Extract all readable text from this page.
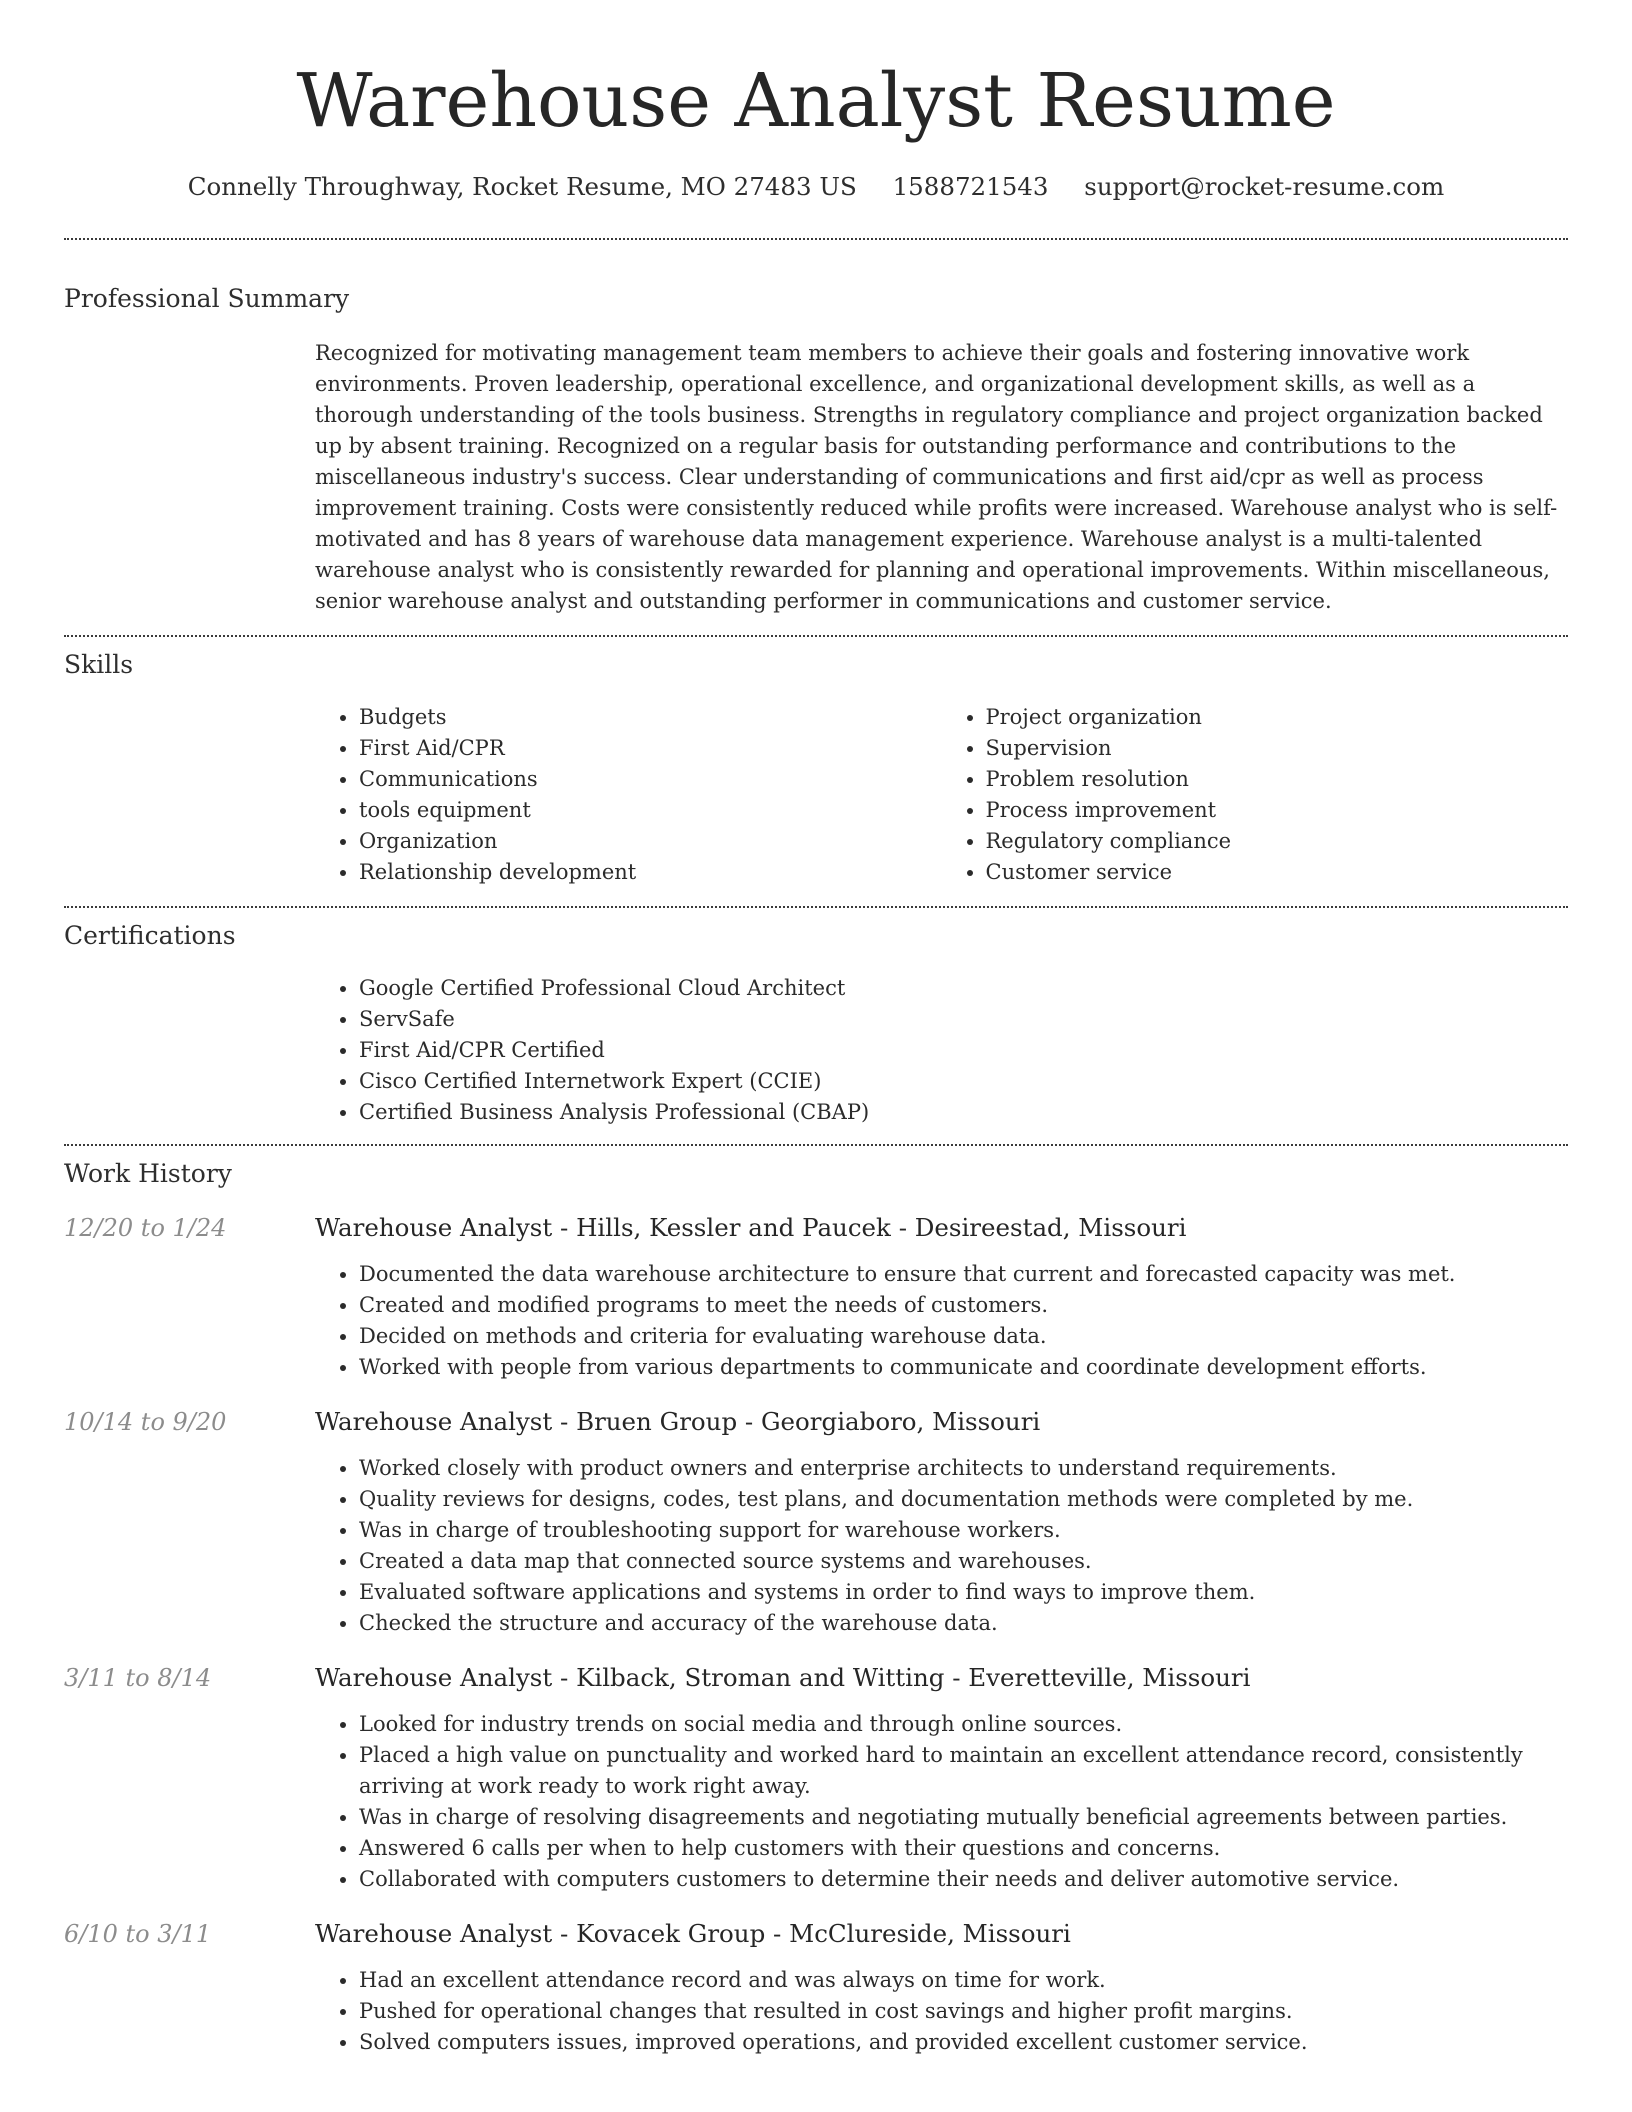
Warehouse Analyst Resume
Connelly Throughway, Rocket Resume, MO 27483 US 1588721543 support@rocket-resume.com
Professional Summary
Recognized for motivating management team members to achieve their goals and fostering innovative work environments. Proven leadership, operational excellence, and organizational development skills, as well as a thorough understanding of the tools business. Strengths in regulatory compliance and project organization backed up by absent training. Recognized on a regular basis for outstanding performance and contributions to the miscellaneous industry's success. Clear understanding of communications and first aid/cpr as well as process improvement training. Costs were consistently reduced while profits were increased. Warehouse analyst who is self-motivated and has 8 years of warehouse data management experience. Warehouse analyst is a multi-talented warehouse analyst who is consistently rewarded for planning and operational improvements. Within miscellaneous, senior warehouse analyst and outstanding performer in communications and customer service.
Skills
• Budgets
• First Aid/CPR
• Communications
• tools equipment
• Organization
• Relationship development
• Project organization
• Supervision
• Problem resolution
• Process improvement
• Regulatory compliance
• Customer service
Certifications
• Google Certified Professional Cloud Architect
• ServSafe
• First Aid/CPR Certified
• Cisco Certified Internetwork Expert (CCIE)
• Certified Business Analysis Professional (CBAP)
Work History
12/20 to 1/24	Warehouse Analyst - Hills, Kessler and Paucek - Desireestad, Missouri
• Documented the data warehouse architecture to ensure that current and forecasted capacity was met.
• Created and modified programs to meet the needs of customers.
• Decided on methods and criteria for evaluating warehouse data.
• Worked with people from various departments to communicate and coordinate development efforts.
10/14 to 9/20	Warehouse Analyst - Bruen Group - Georgiaboro, Missouri
• Worked closely with product owners and enterprise architects to understand requirements.
• Quality reviews for designs, codes, test plans, and documentation methods were completed by me.
• Was in charge of troubleshooting support for warehouse workers.
• Created a data map that connected source systems and warehouses.
• Evaluated software applications and systems in order to find ways to improve them.
• Checked the structure and accuracy of the warehouse data.
3/11 to 8/14	Warehouse Analyst - Kilback, Stroman and Witting - Everetteville, Missouri
• Looked for industry trends on social media and through online sources.
• Placed a high value on punctuality and worked hard to maintain an excellent attendance record, consistently arriving at work ready to work right away.
• Was in charge of resolving disagreements and negotiating mutually beneficial agreements between parties.
• Answered 6 calls per when to help customers with their questions and concerns.
• Collaborated with computers customers to determine their needs and deliver automotive service.
6/10 to 3/11	Warehouse Analyst - Kovacek Group - McClureside, Missouri
• Had an excellent attendance record and was always on time for work.
• Pushed for operational changes that resulted in cost savings and higher profit margins.
• Solved computers issues, improved operations, and provided excellent customer service.
